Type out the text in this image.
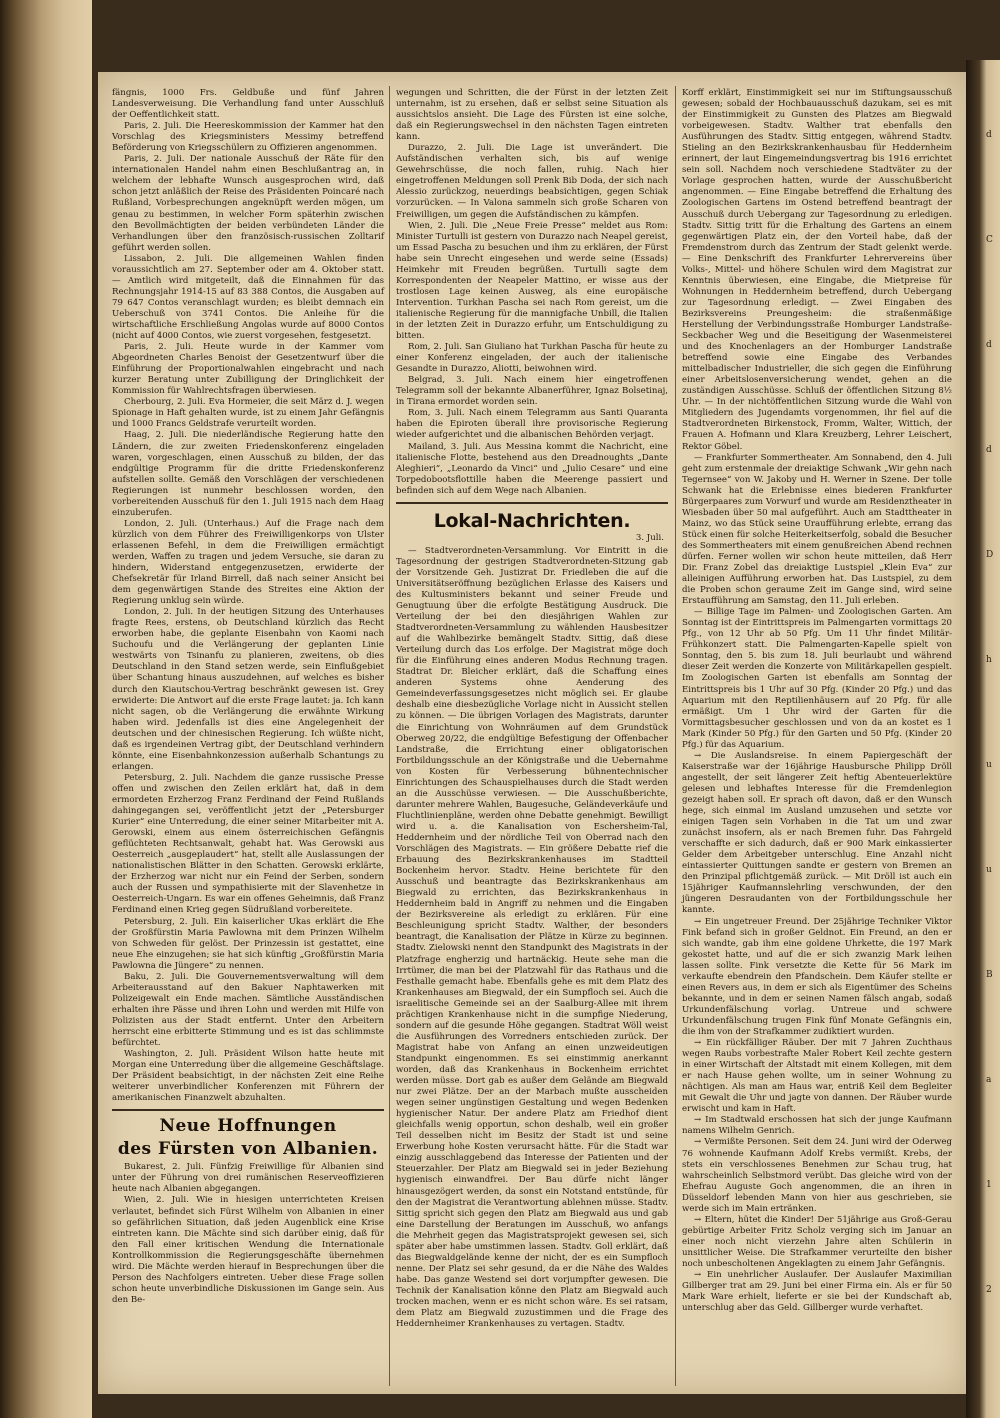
fängnis, 1000 Frs. Geldbuße und fünf Jahren Landesverweisung. Die Verhandlung fand unter Ausschluß der Oeffentlichkeit statt.

Paris, 2. Juli. Die Heereskommission der Kammer hat den Vorschlag des Kriegsministers Messimy betreffend Beförderung von Kriegsschülern zu Offizieren angenommen.

Paris, 2. Juli. Der nationale Ausschuß der Räte für den internationalen Handel nahm einen Beschlußantrag an, in welchem der lebhafte Wunsch ausgesprochen wird, daß schon jetzt anläßlich der Reise des Präsidenten Poincaré nach Rußland, Vorbesprechungen angeknüpft werden mögen, um genau zu bestimmen, in welcher Form späterhin zwischen den Bevollmächtigten der beiden verbündeten Länder die Verhandlungen über den französisch-russischen Zolltarif geführt werden sollen.

Lissabon, 2. Juli. Die allgemeinen Wahlen finden voraussichtlich am 27. September oder am 4. Oktober statt. — Amtlich wird mitgeteilt, daß die Einnahmen für das Rechnungsjahr 1914-15 auf 83 388 Contos, die Ausgaben auf 79 647 Contos veranschlagt wurden; es bleibt demnach ein Ueberschuß von 3741 Contos. Die Anleihe für die wirtschaftliche Erschließung Angolas wurde auf 8000 Contos (nicht auf 4000 Contos, wie zuerst vorgesehen, festgesetzt.

Paris, 2. Juli. Heute wurde in der Kammer vom Abgeordneten Charles Benoist der Gesetzentwurf über die Einführung der Proportionalwahlen eingebracht und nach kurzer Beratung unter Zubilligung der Dringlichkeit der Kommission für Wahlrechtsfragen überwiesen.

Cherbourg, 2. Juli. Eva Hormeier, die seit März d. J. wegen Spionage in Haft gehalten wurde, ist zu einem Jahr Gefängnis und 1000 Francs Geldstrafe verurteilt worden.

Haag, 2. Juli. Die niederländische Regierung hatte den Ländern, die zur zweiten Friedenskonferenz eingeladen waren, vorgeschlagen, einen Ausschuß zu bilden, der das endgültige Programm für die dritte Friedenskonferenz aufstellen sollte. Gemäß den Vorschlägen der verschiedenen Regierungen ist nunmehr beschlossen worden, den vorbereitenden Ausschuß für den 1. Juli 1915 nach dem Haag einzuberufen.

London, 2. Juli. (Unterhaus.) Auf die Frage nach dem kürzlich von dem Führer des Freiwilligenkorps von Ulster erlassenen Befehl, in dem die Freiwilligen ermächtigt werden, Waffen zu tragen und jedem Versuche, sie daran zu hindern, Widerstand entgegenzusetzen, erwiderte der Chefsekretär für Irland Birrell, daß nach seiner Ansicht bei dem gegenwärtigen Stande des Streites eine Aktion der Regierung unklug sein würde.

London, 2. Juli. In der heutigen Sitzung des Unterhauses fragte Rees, erstens, ob Deutschland kürzlich das Recht erworben habe, die geplante Eisenbahn von Kaomi nach Suchoufu und die Verlängerung der geplanten Linie westwärts von Tsinanfu zu planieren, zweitens, ob dies Deutschland in den Stand setzen werde, sein Einflußgebiet über Schantung hinaus auszudehnen, auf welches es bisher durch den Kiautschou-Vertrag beschränkt gewesen ist. Grey erwiderte: Die Antwort auf die erste Frage lautet: ja. Ich kann nicht sagen, ob die Verlängerung die erwähnte Wirkung haben wird. Jedenfalls ist dies eine Angelegenheit der deutschen und der chinesischen Regierung. Ich wüßte nicht, daß es irgendeinen Vertrag gibt, der Deutschland verhindern könnte, eine Eisenbahnkonzession außerhalb Schantungs zu erlangen.

Petersburg, 2. Juli. Nachdem die ganze russische Presse offen und zwischen den Zeilen erklärt hat, daß in dem ermordeten Erzherzog Franz Ferdinand der Feind Rußlands dahingegangen sei, veröffentlicht jetzt der „Petersburger Kurier“ eine Unterredung, die einer seiner Mitarbeiter mit A. Gerowski, einem aus einem österreichischen Gefängnis geflüchteten Rechtsanwalt, gehabt hat. Was Gerowski aus Oesterreich „ausgeplaudert“ hat, stellt alle Auslassungen der nationalistischen Blätter in den Schatten. Gerowski erklärte, der Erzherzog war nicht nur ein Feind der Serben, sondern auch der Russen und sympathisierte mit der Slavenhetze in Oesterreich-Ungarn. Es war ein offenes Geheimnis, daß Franz Ferdinand einen Krieg gegen Südrußland vorbereitete.

Petersburg, 2. Juli. Ein kaiserlicher Ukas erklärt die Ehe der Großfürstin Maria Pawlowna mit dem Prinzen Wilhelm von Schweden für gelöst. Der Prinzessin ist gestattet, eine neue Ehe einzugehen; sie hat sich künftig „Großfürstin Maria Pawlowna die Jüngere“ zu nennen.

Baku, 2. Juli. Die Gouvernementsverwaltung will dem Arbeiterausstand auf den Bakuer Naphtawerken mit Polizeigewalt ein Ende machen. Sämtliche Ausständischen erhalten ihre Pässe und ihren Lohn und werden mit Hilfe von Polizisten aus der Stadt entfernt. Unter den Arbeitern herrscht eine erbitterte Stimmung und es ist das schlimmste befürchtet.

Washington, 2. Juli. Präsident Wilson hatte heute mit Morgan eine Unterredung über die allgemeine Geschäftslage. Der Präsident beabsichtigt, in der nächsten Zeit eine Reihe weiterer unverbindlicher Konferenzen mit Führern der amerikanischen Finanzwelt abzuhalten.

Neue Hoffnungen
des Fürsten von Albanien.

Bukarest, 2. Juli. Fünfzig Freiwillige für Albanien sind unter der Führung von drei rumänischen Reserveoffizieren heute nach Albanien abgegangen.

Wien, 2. Juli. Wie in hiesigen unterrichteten Kreisen verlautet, befindet sich Fürst Wilhelm von Albanien in einer so gefährlichen Situation, daß jeden Augenblick eine Krise eintreten kann. Die Mächte sind sich darüber einig, daß für den Fall einer kritischen Wendung die Internationale Kontrollkommission die Regierungsgeschäfte übernehmen wird. Die Mächte werden hierauf in Besprechungen über die Person des Nachfolgers eintreten. Ueber diese Frage sollen schon heute unverbindliche Diskussionen im Gange sein. Aus den Be-

wegungen und Schritten, die der Fürst in der letzten Zeit unternahm, ist zu ersehen, daß er selbst seine Situation als aussichtslos ansieht. Die Lage des Fürsten ist eine solche, daß ein Regierungswechsel in den nächsten Tagen eintreten kann.

Durazzo, 2. Juli. Die Lage ist unverändert. Die Aufständischen verhalten sich, bis auf wenige Gewehrschüsse, die noch fallen, ruhig. Nach hier eingetroffenen Meldungen soll Prenk Bib Doda, der sich nach Alessio zurückzog, neuerdings beabsichtigen, gegen Schiak vorzurücken. — In Valona sammeln sich große Scharen von Freiwilligen, um gegen die Aufständischen zu kämpfen.

Wien, 2. Juli. Die „Neue Freie Presse“ meldet aus Rom: Minister Turtulli ist gestern von Durazzo nach Neapel gereist, um Essad Pascha zu besuchen und ihm zu erklären, der Fürst habe sein Unrecht eingesehen und werde seine (Essads) Heimkehr mit Freuden begrüßen. Turtulli sagte dem Korrespondenten der Neapeler Mattino, er wisse aus der trostlosen Lage keinen Ausweg, als eine europäische Intervention. Turkhan Pascha sei nach Rom gereist, um die italienische Regierung für die mannigfache Unbill, die Italien in der letzten Zeit in Durazzo erfuhr, um Entschuldigung zu bitten.

Rom, 2. Juli. San Giuliano hat Turkhan Pascha für heute zu einer Konferenz eingeladen, der auch der italienische Gesandte in Durazzo, Aliotti, beiwohnen wird.

Belgrad, 3. Juli. Nach einem hier eingetroffenen Telegramm soll der bekannte Albanerführer, Ignaz Bolsetinaj, in Tirana ermordet worden sein.

Rom, 3. Juli. Nach einem Telegramm aus Santi Quaranta haben die Epiroten überall ihre provisorische Regierung wieder aufgerichtet und die albanischen Behörden verjagt.

Mailand, 3. Juli. Aus Messina kommt die Nachricht, eine italienische Flotte, bestehend aus den Dreadnoughts „Dante Aleghieri“, „Leonardo da Vinci“ und „Julio Cesare“ und eine Torpedobootsflottille haben die Meerenge passiert und befinden sich auf dem Wege nach Albanien.

Lokal-Nachrichten.
3. Juli.

— Stadtverordneten-Versammlung. Vor Eintritt in die Tagesordnung der gestrigen Stadtverordneten-Sitzung gab der Vorsitzende Geh. Justizrat Dr. Friedleben die auf die Universitätseröffnung bezüglichen Erlasse des Kaisers und des Kultusministers bekannt und seiner Freude und Genugtuung über die erfolgte Bestätigung Ausdruck. Die Verteilung der bei den diesjährigen Wahlen zur Stadtverordneten-Versammlung zu wählenden Hausbesitzer auf die Wahlbezirke bemängelt Stadtv. Sittig, daß diese Verteilung durch das Los erfolge. Der Magistrat möge doch für die Einführung eines anderen Modus Rechnung tragen. Stadtrat Dr. Bleicher erklärt, daß die Schaffung eines anderen Systems ohne Aenderung des Gemeindeverfassungsgesetzes nicht möglich sei. Er glaube deshalb eine diesbezügliche Vorlage nicht in Aussicht stellen zu können. — Die übrigen Vorlagen des Magistrats, darunter die Einrichtung von Wohnräumen auf dem Grundstück Oberweg 20/22, die endgültige Befestigung der Offenbacher Landstraße, die Errichtung einer obligatorischen Fortbildungsschule an der Königstraße und die Uebernahme von Kosten für Verbesserung bühnentechnischer Einrichtungen des Schauspielhauses durch die Stadt werden an die Ausschüsse verwiesen. — Die Ausschußberichte, darunter mehrere Wahlen, Baugesuche, Geländeverkäufe und Fluchtlinienpläne, werden ohne Debatte genehmigt. Bewilligt wird u. a. die Kanalisation von Eschersheim-Tal, Heddernheim und der nördliche Teil von Oberrad nach den Vorschlägen des Magistrats. — Ein größere Debatte rief die Erbauung des Bezirkskrankenhauses im Stadtteil Bockenheim hervor. Stadtv. Heine berichtete für den Ausschuß und beantragte das Bezirkskrankenhaus am Biegwald zu errichten, das Bezirkskrankenhaus in Heddernheim bald in Angriff zu nehmen und die Eingaben der Bezirksvereine als erledigt zu erklären. Für eine Beschleunigung spricht Stadtv. Walther, der besonders beantragt, die Kanalisation der Plätze in Kürze zu beginnen. Stadtv. Zielowski nennt den Standpunkt des Magistrats in der Platzfrage engherzig und hartnäckig. Heute sehe man die Irrtümer, die man bei der Platzwahl für das Rathaus und die Festhalle gemacht habe. Ebenfalls gehe es mit dem Platz des Krankenhauses am Biegwald, der ein Sumpfloch sei. Auch die israelitische Gemeinde sei an der Saalburg-Allee mit ihrem prächtigen Krankenhause nicht in die sumpfige Niederung, sondern auf die gesunde Höhe gegangen. Stadtrat Wöll weist die Ausführungen des Vorredners entschieden zurück. Der Magistrat habe von Anfang an einen unzweideutigen Standpunkt eingenommen. Es sei einstimmig anerkannt worden, daß das Krankenhaus in Bockenheim errichtet werden müsse. Dort gab es außer dem Gelände am Biegwald nur zwei Plätze. Der an der Marbach mußte ausscheiden wegen seiner ungünstigen Gestaltung und wegen Bedenken hygienischer Natur. Der andere Platz am Friedhof dient gleichfalls wenig opportun, schon deshalb, weil ein großer Teil desselben nicht im Besitz der Stadt ist und seine Erwerbung hohe Kosten verursacht hätte. Für die Stadt war einzig ausschlaggebend das Interesse der Patienten und der Steuerzahler. Der Platz am Biegwald sei in jeder Beziehung hygienisch einwandfrei. Der Bau dürfe nicht länger hinausgezögert werden, da sonst ein Notstand entstünde, für den der Magistrat die Verantwortung ablehnen müsse. Stadtv. Sittig spricht sich gegen den Platz am Biegwald aus und gab eine Darstellung der Beratungen im Ausschuß, wo anfangs die Mehrheit gegen das Magistratsprojekt gewesen sei, sich später aber habe umstimmen lassen. Stadtv. Goll erklärt, daß das Biegwaldgelände kenne der nicht, der es ein Sumpfloch nenne. Der Platz sei sehr gesund, da er die Nähe des Waldes habe. Das ganze Westend sei dort vorjumpfter gewesen. Die Technik der Kanalisation könne den Platz am Biegwald auch trocken machen, wenn er es nicht schon wäre. Es sei ratsam, dem Platz am Biegwald zuzustimmen und die Frage des Heddernheimer Krankenhauses zu vertagen. Stadtv.

Korff erklärt, Einstimmigkeit sei nur im Stiftungsausschuß gewesen; sobald der Hochbauausschuß dazukam, sei es mit der Einstimmigkeit zu Gunsten des Platzes am Biegwald vorbeigewesen. Stadtv. Walther trat ebenfalls den Ausführungen des Stadtv. Sittig entgegen, während Stadtv. Stieling an den Bezirkskrankenhausbau für Heddernheim erinnert, der laut Eingemeindungsvertrag bis 1916 errichtet sein soll. Nachdem noch verschiedene Stadtväter zu der Vorlage gesprochen hatten, wurde der Ausschußbericht angenommen. — Eine Eingabe betreffend die Erhaltung des Zoologischen Gartens im Ostend betreffend beantragt der Ausschuß durch Uebergang zur Tagesordnung zu erledigen. Stadtv. Sittig tritt für die Erhaltung des Gartens an einem gegenwärtigen Platz ein, der den Vorteil habe, daß der Fremdenstrom durch das Zentrum der Stadt gelenkt werde. — Eine Denkschrift des Frankfurter Lehrervereins über Volks-, Mittel- und höhere Schulen wird dem Magistrat zur Kenntnis überwiesen, eine Eingabe, die Mietpreise für Wohnungen in Heddernheim betreffend, durch Uebergang zur Tagesordnung erledigt. — Zwei Eingaben des Bezirksvereins Preungesheim: die straßenmäßige Herstellung der Verbindungsstraße Homburger Landstraße-Seckbacher Weg und die Beseitigung der Wasenmeisterei und des Knochenlagers an der Homburger Landstraße betreffend sowie eine Eingabe des Verbandes mittelbadischer Industrieller, die sich gegen die Einführung einer Arbeitslosenversicherung wendet, gehen an die zuständigen Ausschüsse. Schluß der öffentlichen Sitzung 8½ Uhr. — In der nichtöffentlichen Sitzung wurde die Wahl von Mitgliedern des Jugendamts vorgenommen, ihr fiel auf die Stadtverordneten Birkenstock, Fromm, Walter, Wittich, der Frauen A. Hofmann und Klara Kreuzberg, Lehrer Leischert, Rektor Göbel.

— Frankfurter Sommertheater. Am Sonnabend, den 4. Juli geht zum erstenmale der dreiaktige Schwank „Wir gehn nach Tegernsee“ von W. Jakoby und H. Werner in Szene. Der tolle Schwank hat die Erlebnisse eines biederen Frankfurter Bürgerpaares zum Vorwurf und wurde am Residenztheater in Wiesbaden über 50 mal aufgeführt. Auch am Stadttheater in Mainz, wo das Stück seine Uraufführung erlebte, errang das Stück einen für solche Heiterkeitserfolg, sobald die Besucher des Sommertheaters mit einem genußreichen Abend rechnen dürfen. Ferner wollen wir schon heute mitteilen, daß Herr Dir. Franz Zobel das dreiaktige Lustspiel „Klein Eva“ zur alleinigen Aufführung erworben hat. Das Lustspiel, zu dem die Proben schon geraume Zeit im Gange sind, wird seine Erstaufführung am Samstag, den 11. Juli erleben.

— Billige Tage im Palmen- und Zoologischen Garten. Am Sonntag ist der Eintrittspreis im Palmengarten vormittags 20 Pfg., von 12 Uhr ab 50 Pfg. Um 11 Uhr findet Militär-Frühkonzert statt. Die Palmengarten-Kapelle spielt von Sonntag, den 5. bis zum 18. Juli beurlaubt und während dieser Zeit werden die Konzerte von Militärkapellen gespielt. Im Zoologischen Garten ist ebenfalls am Sonntag der Eintrittspreis bis 1 Uhr auf 30 Pfg. (Kinder 20 Pfg.) und das Aquarium mit den Reptilienhäusern auf 20 Pfg. für alle ermäßigt. Um 1 Uhr wird der Garten für die Vormittagsbesucher geschlossen und von da an kostet es 1 Mark (Kinder 50 Pfg.) für den Garten und 50 Pfg. (Kinder 20 Pfg.) für das Aquarium.

→ Die Auslandsreise. In einem Papiergeschäft der Kaiserstraße war der 16jährige Hausbursche Philipp Dröll angestellt, der seit längerer Zeit heftig Abenteuerlektüre gelesen und lebhaftes Interesse für die Fremdenlegion gezeigt haben soll. Er sprach oft davon, daß er den Wunsch hege, sich einmal im Ausland umzusehen und setzte vor einigen Tagen sein Vorhaben in die Tat um und zwar zunächst insofern, als er nach Bremen fuhr. Das Fahrgeld verschaffte er sich dadurch, daß er 900 Mark einkassierter Gelder dem Arbeitgeber unterschlug. Eine Anzahl nicht eintassierter Quittungen sandte er gestern von Bremen an den Prinzipal pflichtgemäß zurück. — Mit Dröll ist auch ein 15jähriger Kaufmannslehrling verschwunden, der den jüngeren Desraudanten von der Fortbildungsschule her kannte.

→ Ein ungetreuer Freund. Der 25jährige Techniker Viktor Fink befand sich in großer Geldnot. Ein Freund, an den er sich wandte, gab ihm eine goldene Uhrkette, die 197 Mark gekostet hatte, und auf die er sich zwanzig Mark leihen lassen sollte. Fink versetzte die Kette für 56 Mark im verkaufte ebendrein den Pfandschein. Dem Käufer stellte er einen Revers aus, in dem er sich als Eigentümer des Scheins bekannte, und in dem er seinen Namen fälsch angab, sodaß Urkundenfälschung vorlag. Untreue und schwere Urkundenfälschung trugen Fink fünf Monate Gefängnis ein, die ihm von der Strafkammer zudiktiert wurden.

→ Ein rückfälliger Räuber. Der mit 7 Jahren Zuchthaus wegen Raubs vorbestrafte Maler Robert Keil zechte gestern in einer Wirtschaft der Altstadt mit einem Kollegen, mit dem er nach Hause gehen wollte, um in seiner Wohnung zu nächtigen. Als man am Haus war, entriß Keil dem Begleiter mit Gewalt die Uhr und jagte von dannen. Der Räuber wurde erwischt und kam in Haft.

→ Im Stadtwald erschossen hat sich der junge Kaufmann namens Wilhelm Genrich.

→ Vermißte Personen. Seit dem 24. Juni wird der Oderweg 76 wohnende Kaufmann Adolf Krebs vermißt. Krebs, der stets ein verschlossenes Benehmen zur Schau trug, hat wahrscheinlich Selbstmord verübt. Das gleiche wird von der Ehefrau Auguste Goch angenommen, die an ihren in Düsseldorf lebenden Mann von hier aus geschrieben, sie werde sich im Main ertränken.

→ Eltern, hütet die Kinder! Der 51jährige aus Groß-Gerau gebürtige Arbeiter Fritz Scholz verging sich im Januar an einer noch nicht vierzehn Jahre alten Schülerin in unsittlicher Weise. Die Strafkammer verurteilte den bisher noch unbescholtenen Angeklagten zu einem Jahr Gefängnis.

→ Ein unehrlicher Auslaufer. Der Auslaufer Maximilian Gillberger trat am 29. Juni bei einer Firma ein. Als er für 50 Mark Ware erhielt, lieferte er sie bei der Kundschaft ab, unterschlug aber das Geld. Gillberger wurde verhaftet.

d
C
d
d
D
h
u
u
B
a
1
2
